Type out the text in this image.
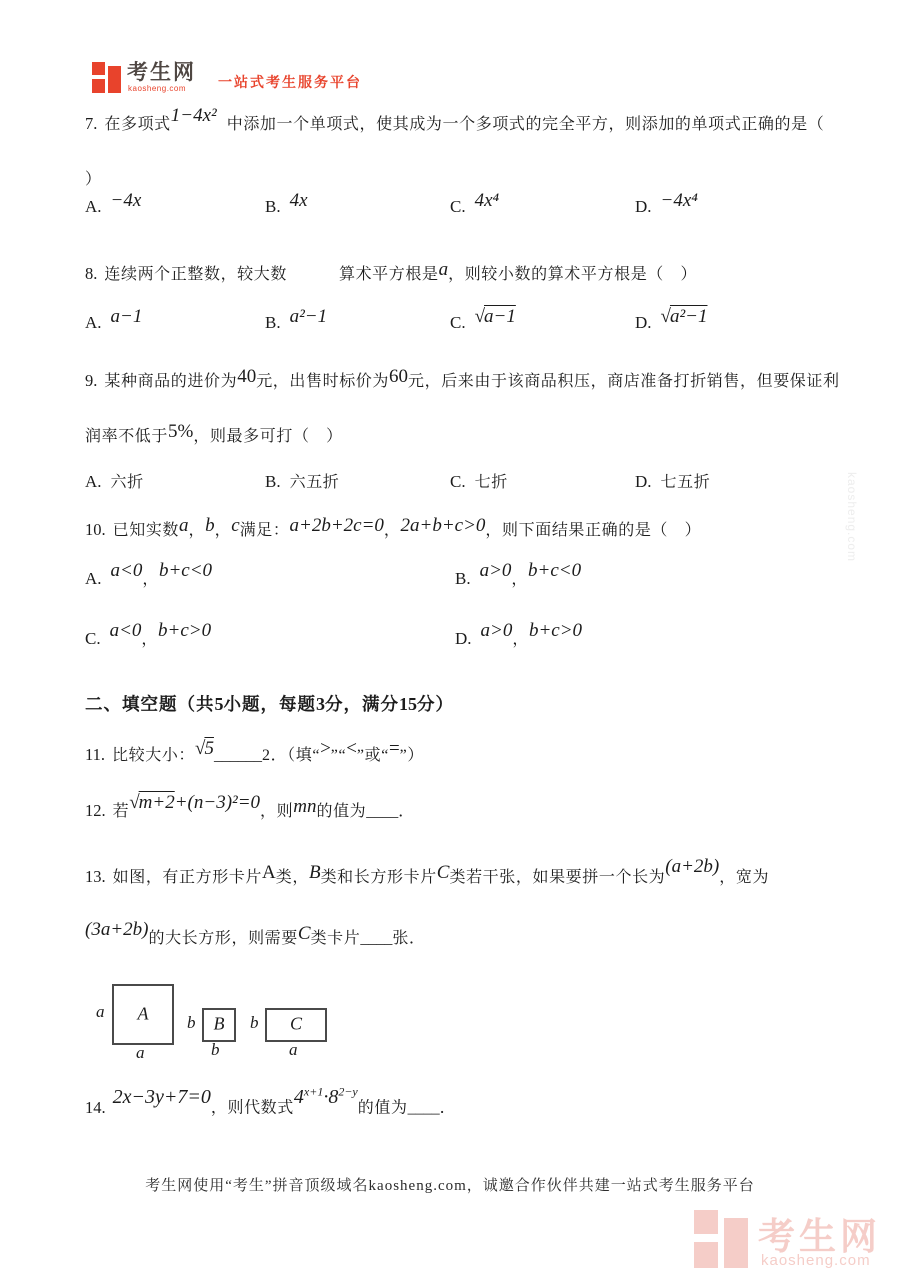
考生网
kaosheng.com 一站式考生服务平台
7. 在多项式1−4x² 中添加一个单项式，使其成为一个多项式的完全平方，则添加的单项式正确的是（
）
A. −4x	B. 4x	C. 4x⁴	D. −4x⁴
8. 连续两个正整数，较大数	算术平方根是a，则较小数的算术平方根是（　）
A. a−1	B. a²−1	C. √a−1	D. √a²−1
9. 某种商品的进价为40元，出售时标价为60元，后来由于该商品积压，商店准备打折销售，但要保证利
润率不低于5%，则最多可打（　）
A. 六折	B. 六五折	C. 七折	D. 七五折
10. 已知实数a，b，c满足：a+2b+2c=0，2a+b+c>0，则下面结果正确的是（　）
A. a<0，b+c<0	B. a>0，b+c<0
C. a<0，b+c>0	D. a>0，b+c>0
二、填空题（共5小题，每题3分，满分15分）
11. 比较大小：√5______2．（填“>”“<”或“=”）
12. 若√m+2+(n−3)²=0，则mn的值为____．
13. 如图，有正方形卡片A类，B类和长方形卡片C类若干张，如果要拼一个长为(a+2b)，宽为
(3a+2b)的大长方形，则需要C类卡片____张．
A
a
a
B
b
b
C
b
a
14. 2x−3y+7=0，则代数式$4^{x+1}\cdot 8^{2-y}$的值为____．
考生网使用“考生”拼音顶级域名kaosheng.com，诚邀合作伙伴共建一站式考生服务平台
kaosheng.com
考生网
kaosheng.com
